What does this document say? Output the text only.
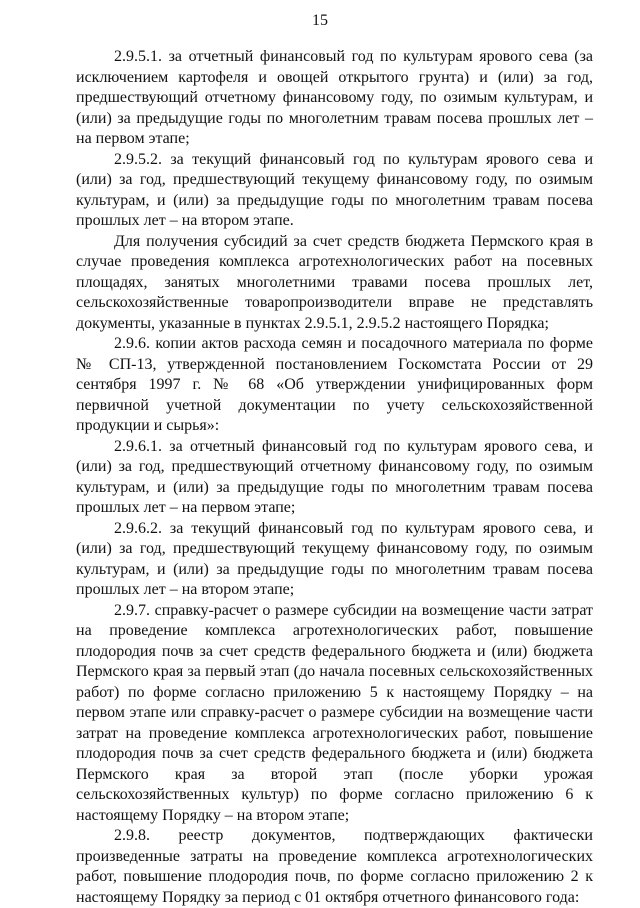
15

2.9.5.1. за отчетный финансовый год по культурам ярового сева (за исключением картофеля и овощей открытого грунта) и (или) за год, предшествующий отчетному финансовому году, по озимым культурам, и (или) за предыдущие годы по многолетним травам посева прошлых лет – на первом этапе;

2.9.5.2. за текущий финансовый год по культурам ярового сева и (или) за год, предшествующий текущему финансовому году, по озимым культурам, и (или) за предыдущие годы по многолетним травам посева прошлых лет – на втором этапе.

Для получения субсидий за счет средств бюджета Пермского края в случае проведения комплекса агротехнологических работ на посевных площадях, занятых многолетними травами посева прошлых лет, сельскохозяйственные товаропроизводители вправе не представлять документы, указанные в пунктах 2.9.5.1, 2.9.5.2 настоящего Порядка;

2.9.6. копии актов расхода семян и посадочного материала по форме № СП-13, утвержденной постановлением Госкомстата России от 29 сентября 1997 г. № 68 «Об утверждении унифицированных форм первичной учетной документации по учету сельскохозяйственной продукции и сырья»:

2.9.6.1. за отчетный финансовый год по культурам ярового сева, и (или) за год, предшествующий отчетному финансовому году, по озимым культурам, и (или) за предыдущие годы по многолетним травам посева прошлых лет – на первом этапе;

2.9.6.2. за текущий финансовый год по культурам ярового сева, и (или) за год, предшествующий текущему финансовому году, по озимым культурам, и (или) за предыдущие годы по многолетним травам посева прошлых лет – на втором этапе;

2.9.7. справку-расчет о размере субсидии на возмещение части затрат на проведение комплекса агротехнологических работ, повышение плодородия почв за счет средств федерального бюджета и (или) бюджета Пермского края за первый этап (до начала посевных сельскохозяйственных работ) по форме согласно приложению 5 к настоящему Порядку – на первом этапе или справку-расчет о размере субсидии на возмещение части затрат на проведение комплекса агротехнологических работ, повышение плодородия почв за счет средств федерального бюджета и (или) бюджета Пермского края за второй этап (после уборки урожая сельскохозяйственных культур) по форме согласно приложению 6 к настоящему Порядку – на втором этапе;

2.9.8. реестр документов, подтверждающих фактически произведенные затраты на проведение комплекса агротехнологических работ, повышение плодородия почв, по форме согласно приложению 2 к настоящему Порядку за период с 01 октября отчетного финансового года:
